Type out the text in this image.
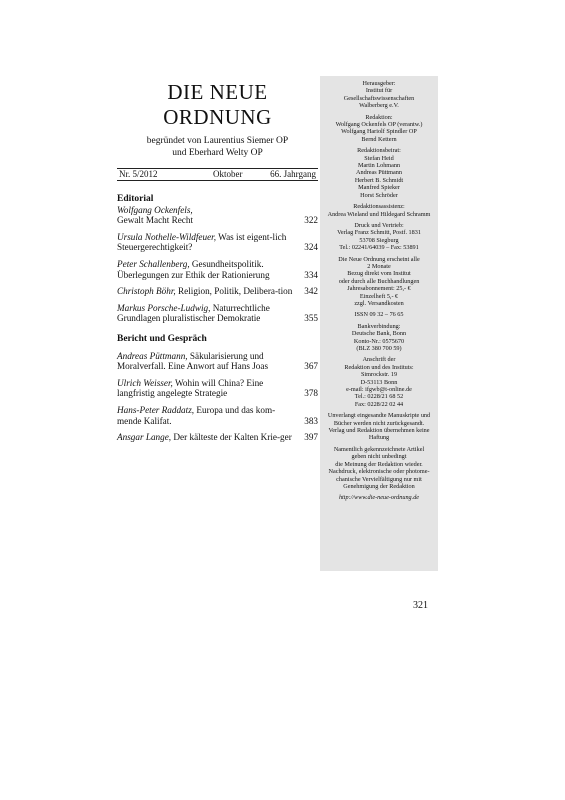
DIE NEUE
ORDNUNG
begründet von Laurentius Siemer OP
und Eberhard Welty OP
Nr. 5/2012	Oktober	66. Jahrgang
Editorial
Wolfgang Ockenfels,
Gewalt Macht Recht	322
Ursula Nothelle-Wildfeuer, Was ist eigent-lich Steuergerechtigkeit?	324
Peter Schallenberg, Gesundheitspolitik. Überlegungen zur Ethik der Rationierung	334
Christoph Böhr, Religion, Politik, Delibera-tion 342
Markus Porsche-Ludwig, Naturrechtliche Grundlagen pluralistischer Demokratie	355
Bericht und Gespräch
Andreas Püttmann, Säkularisierung und Moralverfall. Eine Anwort auf Hans Joas	367
Ulrich Weisser, Wohin will China? Eine langfristig angelegte Strategie	378
Hans-Peter Raddatz, Europa und das kom-mende Kalifat.	383
Ansgar Lange, Der kälteste der Kalten Krie-ger 397
Herausgeber:
Institut für
Gesellschaftswissenschaften
Walberberg e.V.
Redaktion:
Wolfgang Ockenfels OP (verantw.)
Wolfgang Hariolf Spindler OP
Bernd Kettern
Redaktionsbeirat:
Stefan Heid
Martin Lohmann
Andreas Püttmann
Herbert B. Schmidt
Manfred Spieker
Horst Schröder
Redaktionsassistenz:
Andrea Wieland und Hildegard Schramm
Druck und Vertrieb:
Verlag Franz Schmitt, Postf. 1831
53708 Siegburg
Tel.: 02241/64039 – Fax: 53891
Die Neue Ordnung erscheint alle
2 Monate
Bezug direkt vom Institut
oder durch alle Buchhandlungen
Jahresabonnement: 25,- €
Einzelheft 5,- €
zzgl. Versandkosten
ISSN 09 32 – 76 65
Bankverbindung:
Deutsche Bank, Bonn
Konto-Nr.: 0575670
(BLZ 380 700 59)
Anschrift der
Redaktion und des Instituts:
Simrockstr. 19
D-53113 Bonn
e-mail: ifgwb@t-online.de
Tel.: 0228/21 68 52
Fax: 0228/22 02 44
Unverlangt eingesandte Manuskripte und
Bücher werden nicht zurückgesandt.
Verlag und Redaktion übernehmen keine
Haftung
Namentlich gekennzeichnete Artikel
geben nicht unbedingt
die Meinung der Redaktion wieder.
Nachdruck, elektronische oder photome-
chanische Vervielfältigung nur mit
Genehmigung der Redaktion
http://www.die-neue-ordnung.de
321
